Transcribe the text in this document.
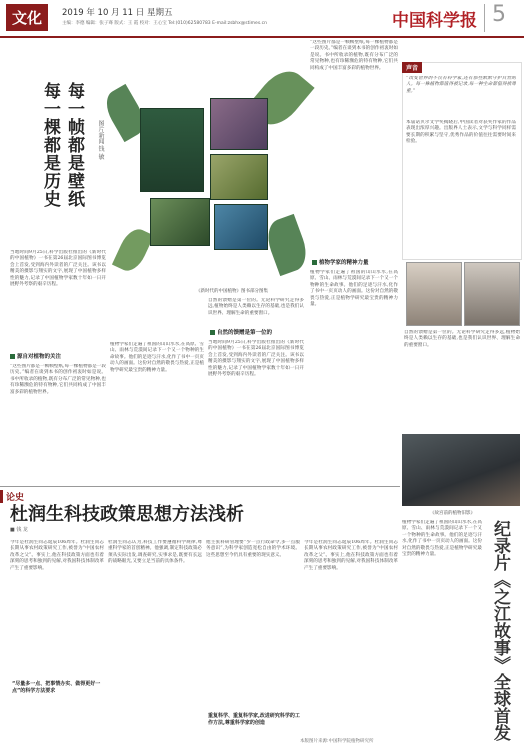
文化	2019 年 10 月 11 日 星期五
主编：李德 编辑：张子骞 版式：王 霞 校对：王心宝 Tel:(010)62580783 E-mail:zsbhx@stimes.cn	中国科学报 5
每一帧都是壁纸
每一棵都是历史	图片新闻 钱 敏
《新时代的中国植物》图书部分图集
当地时间9月25日,科学出版社推出的《新时代的中国植物》一书在第26届北京国际图书博览会上首发,受到海内外读者的广泛关注。该书以精美的摄影与翔实的文字,展现了中国植物多样性的魅力,记录了中国植物学家数十年如一日开展野外考察的艰辛历程。
源自对植物的关注
“这些图片都是一帧帧壁纸,每一棵植物都是一段历史。”编者在谈到本书的创作初衷时如是说。书中所收录的植物,既有分布广泛的常见物种,也有珍稀濒危的特有物种,它们共同构成了中国丰富多彩的植物世界。
植物学家们走遍了祖国的山山水水,在高原、雪山、雨林与荒漠间记录下一个又一个物种的生命故事。他们的足迹与汗水,化作了书中一页页动人的画面。这份对自然的敬畏与热爱,正是植物学研究最宝贵的精神力量。
自然的馈赠是第一位的。无论科学研究走得多远,植物始终是人类赖以生存的基础,也是我们认识世界、理解生命的重要窗口。
自然的馈赠是第一位的
当地时间9月25日,科学出版社推出的《新时代的中国植物》一书在第26届北京国际图书博览会上首发,受到海内外读者的广泛关注。该书以精美的摄影与翔实的文字,展现了中国植物多样性的魅力,记录了中国植物学家数十年如一日开展野外考察的艰辛历程。
“这些图片都是一帧帧壁纸,每一棵植物都是一段历史。”编者在谈到本书的创作初衷时如是说。书中所收录的植物,既有分布广泛的常见物种,也有珍稀濒危的特有物种,它们共同构成了中国丰富多彩的植物世界。
植物学家的精神力量
植物学家们走遍了祖国的山山水水,在高原、雪山、雨林与荒漠间记录下一个又一个物种的生命故事。他们的足迹与汗水,化作了书中一页页动人的画面。这份对自然的敬畏与热爱,正是植物学研究最宝贵的精神力量。
声音
“改变世界的不仅有科学家,还有那些默默守护自然的人。每一株植物都值得被记录,每一种生命都值得被尊重。”
本届诺贝尔文学奖揭晓后,中国读者对获奖作家的作品表现出浓厚兴趣。出版界人士表示,文学与科学同样需要长期的积累与坚守,优秀作品的价值往往需要时间来检验。
自然的馈赠是第一位的。无论科学研究走得多远,植物始终是人类赖以生存的基础,也是我们认识世界、理解生命的重要窗口。
《故宫前的植物旧影》
纪录片《之江故事》全球首发
植物学家们走遍了祖国的山山水水,在高原、雪山、雨林与荒漠间记录下一个又一个物种的生命故事。他们的足迹与汗水,化作了书中一页页动人的画面。这份对自然的敬畏与热爱,正是植物学研究最宝贵的精神力量。
论史
杜润生科技政策思想方法浅析
■ 钱 龙
今年是杜润生同志诞辰106周年。杜润生同志长期从事农村政策研究工作,被誉为“中国农村改革之父”。事实上,他在科技政策方面也有着深刻的思考和独到的见解,对我国科技体制改革产生了重要影响。
“尽量多一点、把事情办实、做得更好一点”的科学方法要求
杜润生同志认为,科技工作要遵循科学规律,尊重科学家的首创精神。他强调,制定科技政策必须从实际出发,调查研究,实事求是,既要有长远的战略眼光,又要立足当前的具体条件。
他主张科研管理要“少一点行政命令,多一点服务意识”,为科学家创造宽松自由的学术环境。这些思想至今仍具有重要的现实意义。
重复科学、重复科学家,改进研究科学的工作方法,尊重科学家的创造
今年是杜润生同志诞辰106周年。杜润生同志长期从事农村政策研究工作,被誉为“中国农村改革之父”。事实上,他在科技政策方面也有着深刻的思考和独到的见解,对我国科技体制改革产生了重要影响。
本版图片来源:中国科学院植物研究所
